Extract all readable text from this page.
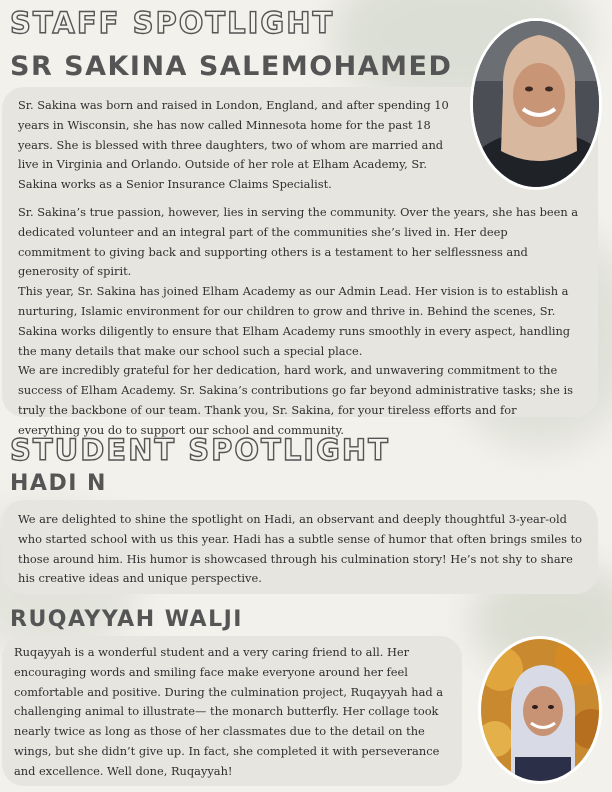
STAFF SPOTLIGHT
SR SAKINA SALEMOHAMED

Sr. Sakina was born and raised in London, England, and after spending 10 years in Wisconsin, she has now called Minnesota home for the past 18 years. She is blessed with three daughters, two of whom are married and live in Virginia and Orlando. Outside of her role at Elham Academy, Sr. Sakina works as a Senior Insurance Claims Specialist.

Sr. Sakina’s true passion, however, lies in serving the community. Over the years, she has been a dedicated volunteer and an integral part of the communities she’s lived in. Her deep commitment to giving back and supporting others is a testament to her selflessness and generosity of spirit.

This year, Sr. Sakina has joined Elham Academy as our Admin Lead. Her vision is to establish a nurturing, Islamic environment for our children to grow and thrive in. Behind the scenes, Sr. Sakina works diligently to ensure that Elham Academy runs smoothly in every aspect, handling the many details that make our school such a special place.

We are incredibly grateful for her dedication, hard work, and unwavering commitment to the success of Elham Academy. Sr. Sakina’s contributions go far beyond administrative tasks; she is truly the backbone of our team. Thank you, Sr. Sakina, for your tireless efforts and for everything you do to support our school and community.

STUDENT SPOTLIGHT
HADI N

We are delighted to shine the spotlight on Hadi, an observant and deeply thoughtful 3-year-old who started school with us this year. Hadi has a subtle sense of humor that often brings smiles to those around him. His humor is showcased through his culmination story! He’s not shy to share his creative ideas and unique perspective.

RUQAYYAH WALJI

Ruqayyah is a wonderful student and a very caring friend to all. Her encouraging words and smiling face make everyone around her feel comfortable and positive. During the culmination project, Ruqayyah had a challenging animal to illustrate— the monarch butterfly. Her collage took nearly twice as long as those of her classmates due to the detail on the wings, but she didn’t give up. In fact, she completed it with perseverance and excellence. Well done, Ruqayyah!
